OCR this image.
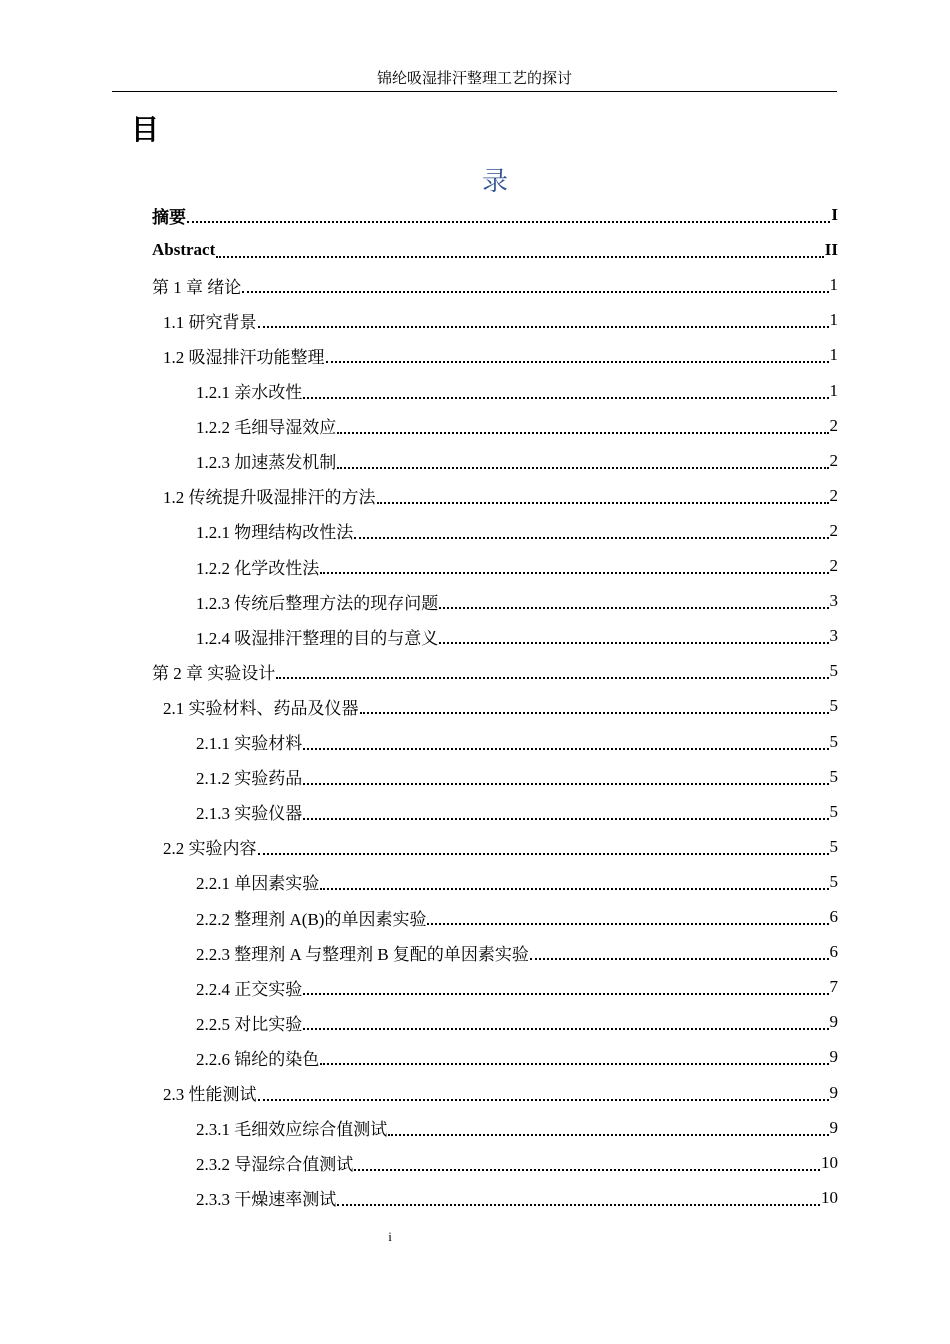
锦纶吸湿排汗整理工艺的探讨
目
录
摘要	I
Abstract	II
第 1 章 绪论	1
1.1 研究背景	1
1.2 吸湿排汗功能整理	1
1.2.1 亲水改性	1
1.2.2 毛细导湿效应	2
1.2.3 加速蒸发机制	2
1.2 传统提升吸湿排汗的方法	2
1.2.1 物理结构改性法	2
1.2.2 化学改性法	2
1.2.3 传统后整理方法的现存问题	3
1.2.4 吸湿排汗整理的目的与意义	3
第 2 章 实验设计	5
2.1 实验材料、药品及仪器	5
2.1.1 实验材料	5
2.1.2 实验药品	5
2.1.3 实验仪器	5
2.2 实验内容	5
2.2.1 单因素实验	5
2.2.2 整理剂 A(B)的单因素实验	6
2.2.3 整理剂 A 与整理剂 B 复配的单因素实验	6
2.2.4 正交实验	7
2.2.5 对比实验	9
2.2.6 锦纶的染色	9
2.3 性能测试	9
2.3.1 毛细效应综合值测试	9
2.3.2 导湿综合值测试	10
2.3.3 干燥速率测试	10
i
